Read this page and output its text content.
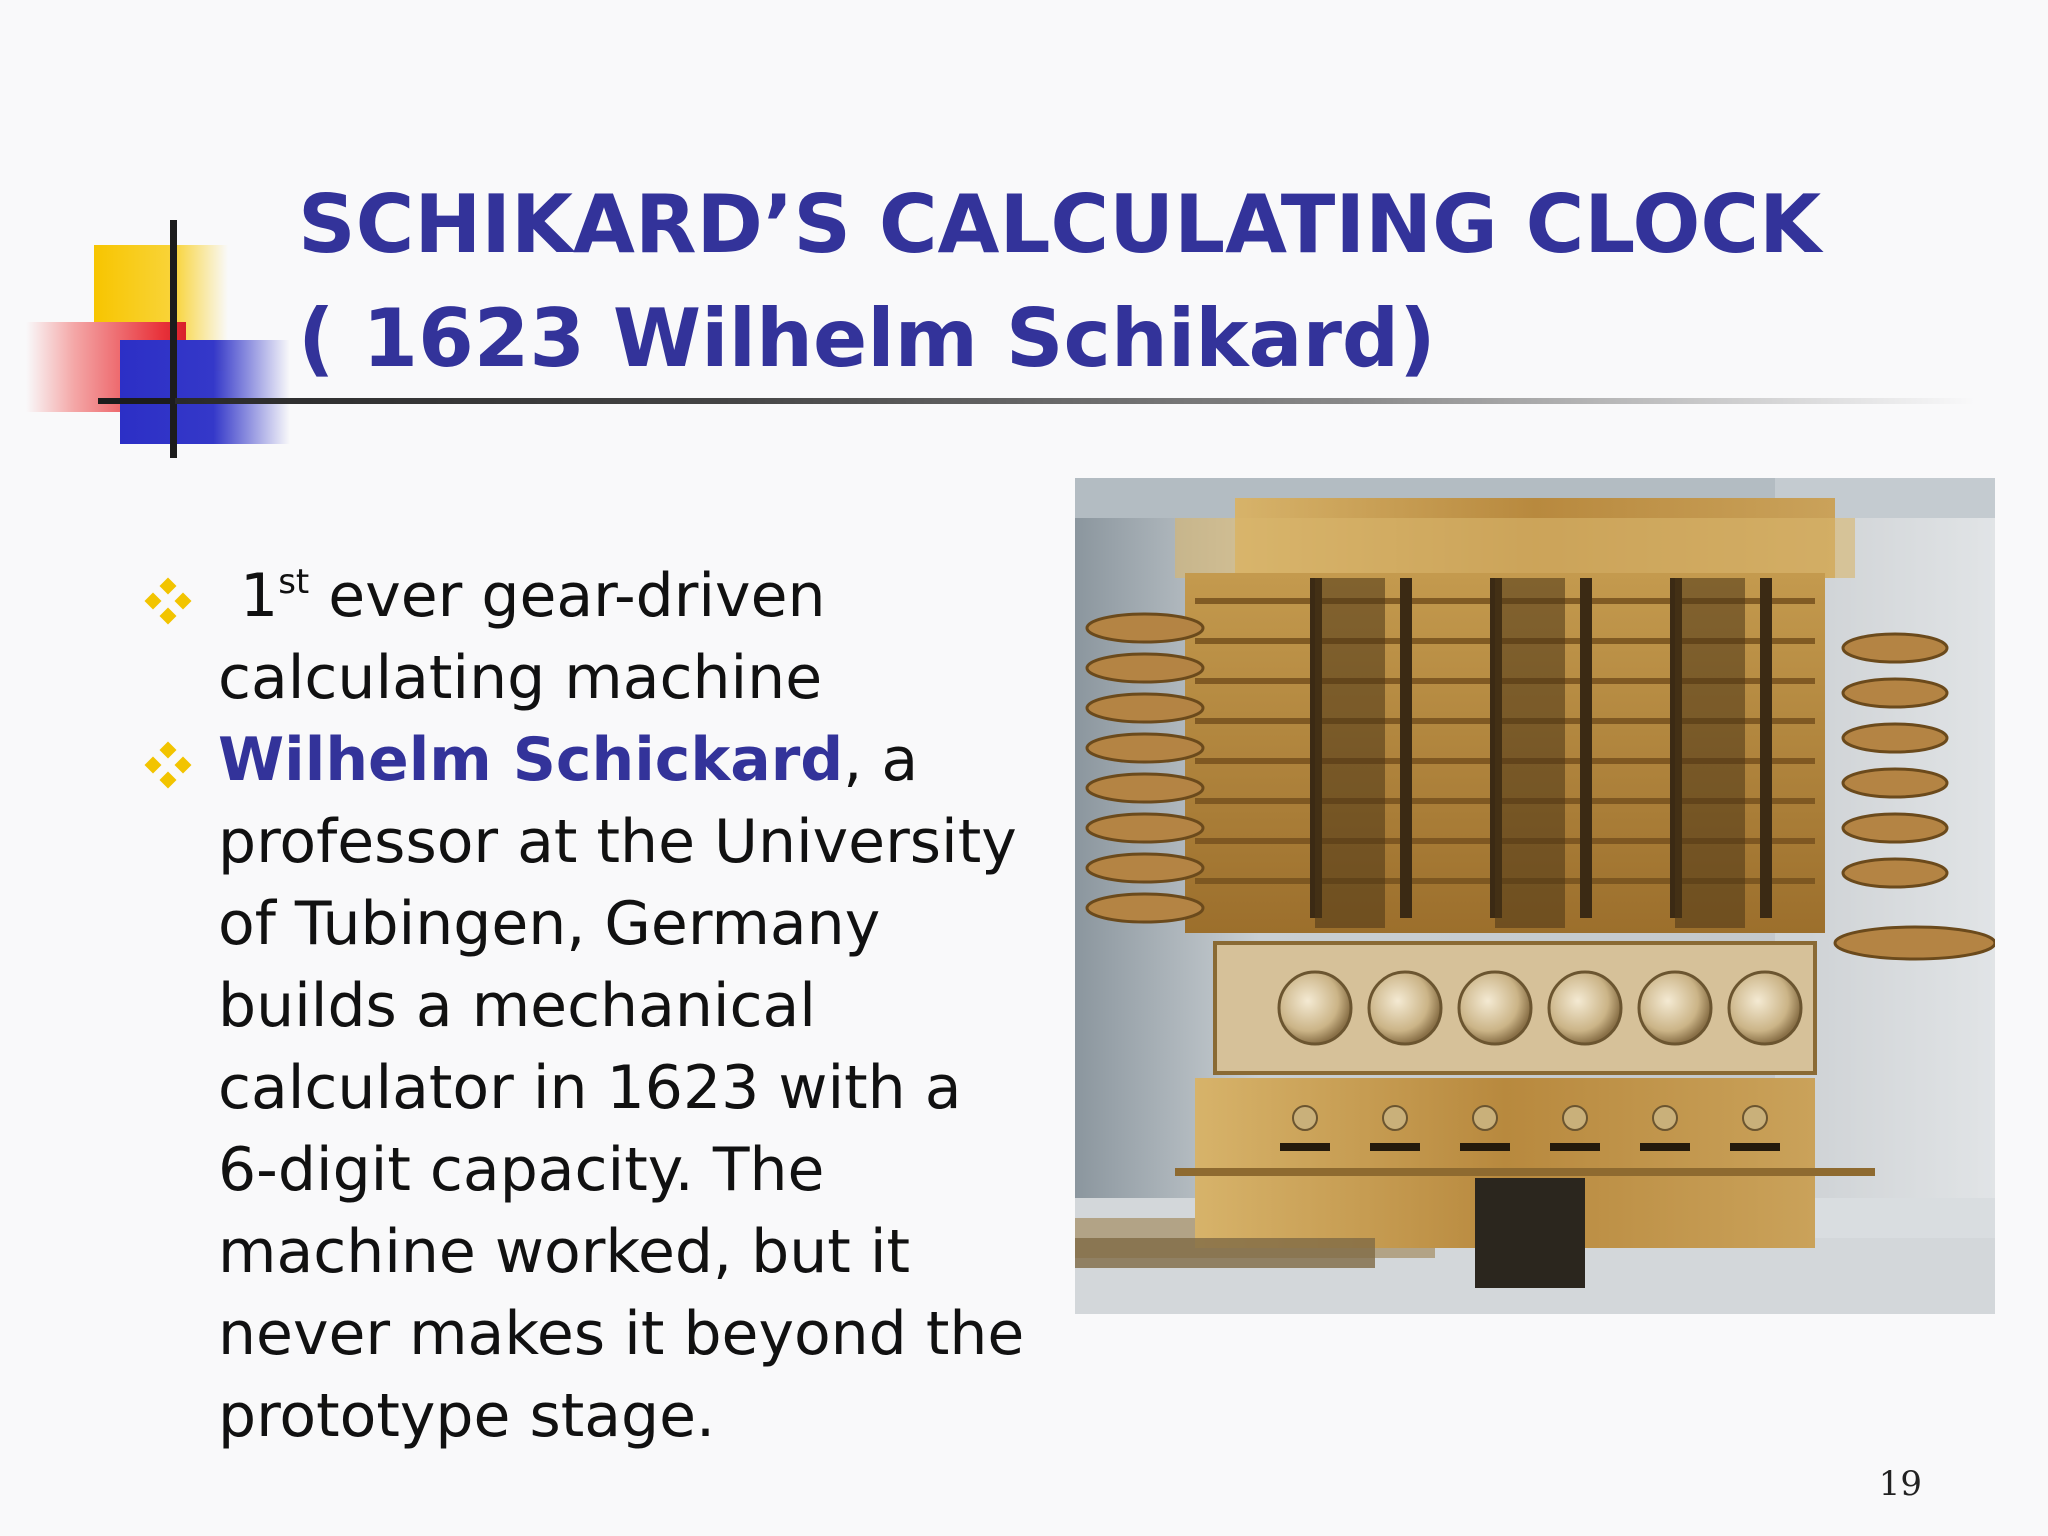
SCHIKARD’S CALCULATING CLOCK
( 1623 Wilhelm Schikard)
1st ever gear-driven calculating machine
Wilhelm Schickard, a professor at the University of Tubingen, Germany builds a mechanical calculator in 1623 with a 6-digit capacity. The machine worked, but it never makes it beyond the prototype stage.
19
